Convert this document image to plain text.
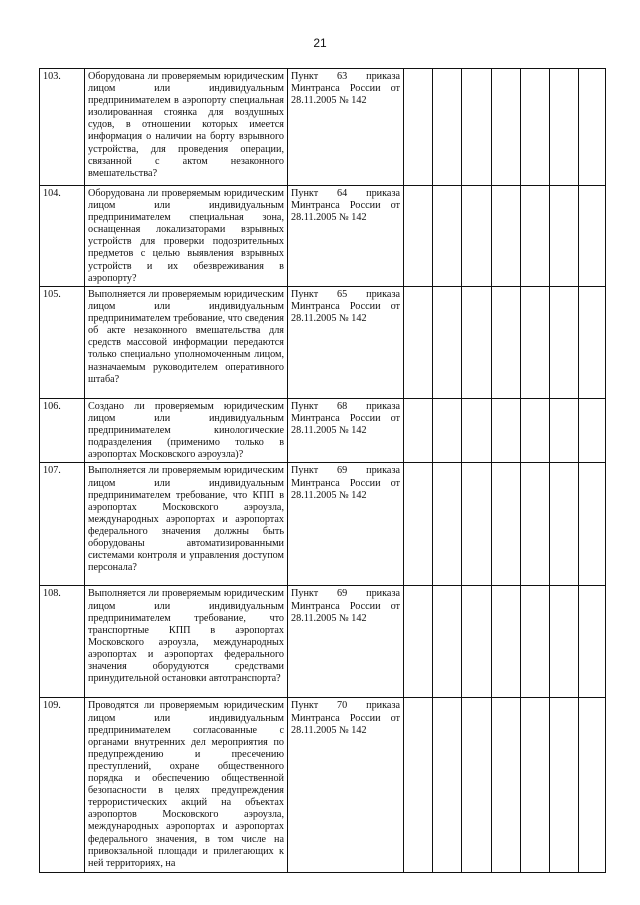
21
103.	Оборудована ли проверяемым юридическим лицом или индивидуальным предпринимателем в аэропорту специальная изолированная стоянка для воздушных судов, в отношении которых имеется информация о наличии на борту взрывного устройства, для проведения операции, связанной с актом незаконного вмешательства?	Пункт 63 приказа Минтранса России от 28.11.2005 № 142							
104.	Оборудована ли проверяемым юридическим лицом или индивидуальным предпринимателем специальная зона, оснащенная локализаторами взрывных устройств для проверки подозрительных предметов с целью выявления взрывных устройств и их обезвреживания в аэропорту?	Пункт 64 приказа Минтранса России от 28.11.2005 № 142							
105.	Выполняется ли проверяемым юридическим лицом или индивидуальным предпринимателем требование, что сведения об акте незаконного вмешательства для средств массовой информации передаются только специально уполномоченным лицом, назначаемым руководителем оперативного штаба?	Пункт 65 приказа Минтранса России от 28.11.2005 № 142							
106.	Создано ли проверяемым юридическим лицом или индивидуальным предпринимателем кинологические подразделения (применимо только в аэропортах Московского аэроузла)?	Пункт 68 приказа Минтранса России от 28.11.2005 № 142							
107.	Выполняется ли проверяемым юридическим лицом или индивидуальным предпринимателем требование, что КПП в аэропортах Московского аэроузла, международных аэропортах и аэропортах федерального значения должны быть оборудованы автоматизированными системами контроля и управления доступом персонала?	Пункт 69 приказа Минтранса России от 28.11.2005 № 142							
108.	Выполняется ли проверяемым юридическим лицом или индивидуальным предпринимателем требование, что транспортные КПП в аэропортах Московского аэроузла, международных аэропортах и аэропортах федерального значения оборудуются средствами принудительной остановки автотранспорта?	Пункт 69 приказа Минтранса России от 28.11.2005 № 142							
109.	Проводятся ли проверяемым юридическим лицом или индивидуальным предпринимателем согласованные с органами внутренних дел мероприятия по предупреждению и пресечению преступлений, охране общественного порядка и обеспечению общественной безопасности в целях предупреждения террористических акций на объектах аэропортов Московского аэроузла, международных аэропортах и аэропортах федерального значения, в том числе на привокзальной площади и прилегающих к ней территориях, на	Пункт 70 приказа Минтранса России от 28.11.2005 № 142							
